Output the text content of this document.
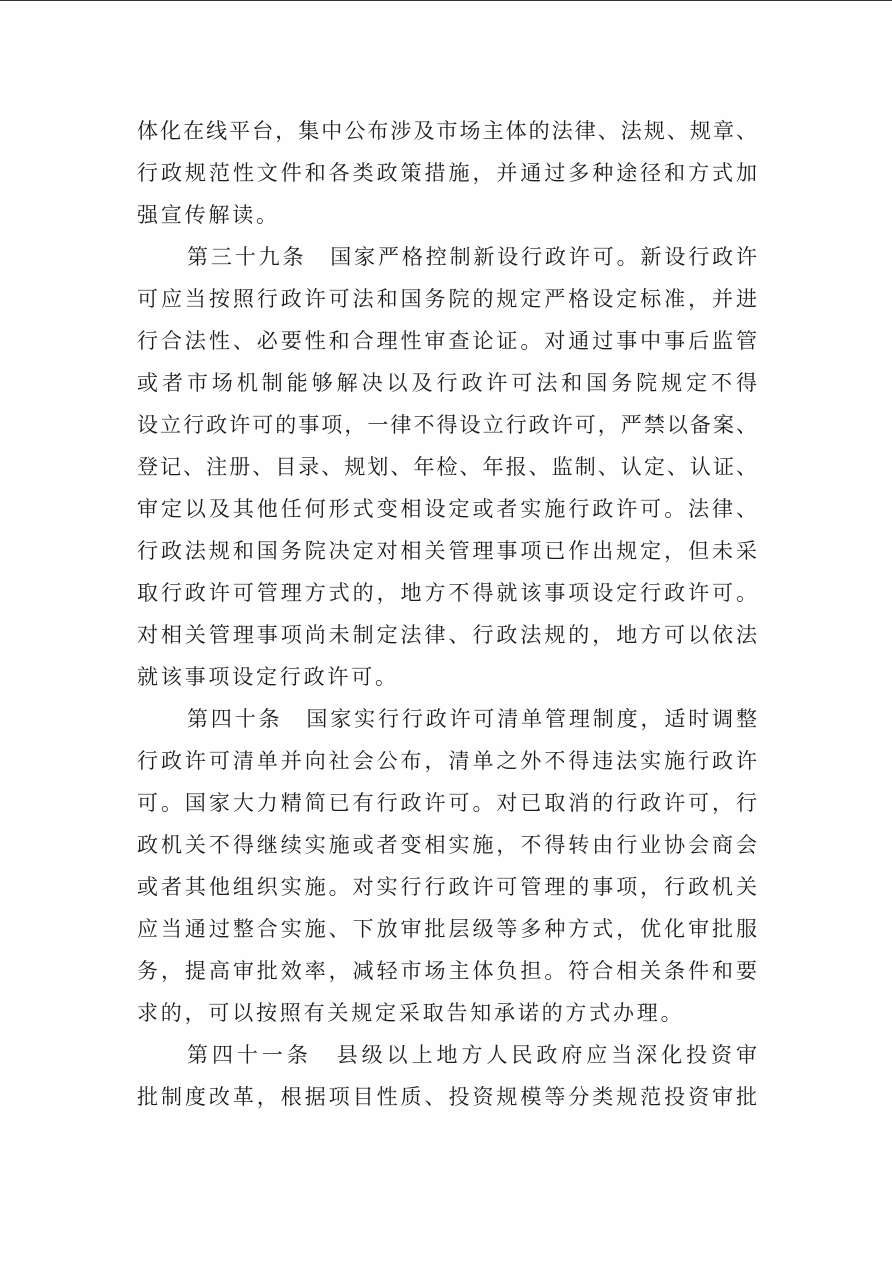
体化在线平台，集中公布涉及市场主体的法律、法规、规章、
行政规范性文件和各类政策措施，并通过多种途径和方式加
强宣传解读。
第三十九条　国家严格控制新设行政许可。新设行政许
可应当按照行政许可法和国务院的规定严格设定标准，并进
行合法性、必要性和合理性审查论证。对通过事中事后监管
或者市场机制能够解决以及行政许可法和国务院规定不得
设立行政许可的事项，一律不得设立行政许可，严禁以备案、
登记、注册、目录、规划、年检、年报、监制、认定、认证、
审定以及其他任何形式变相设定或者实施行政许可。法律、
行政法规和国务院决定对相关管理事项已作出规定，但未采
取行政许可管理方式的，地方不得就该事项设定行政许可。
对相关管理事项尚未制定法律、行政法规的，地方可以依法
就该事项设定行政许可。
第四十条　国家实行行政许可清单管理制度，适时调整
行政许可清单并向社会公布，清单之外不得违法实施行政许
可。国家大力精简已有行政许可。对已取消的行政许可，行
政机关不得继续实施或者变相实施，不得转由行业协会商会
或者其他组织实施。对实行行政许可管理的事项，行政机关
应当通过整合实施、下放审批层级等多种方式，优化审批服
务，提高审批效率，减轻市场主体负担。符合相关条件和要
求的，可以按照有关规定采取告知承诺的方式办理。
第四十一条　县级以上地方人民政府应当深化投资审
批制度改革，根据项目性质、投资规模等分类规范投资审批
